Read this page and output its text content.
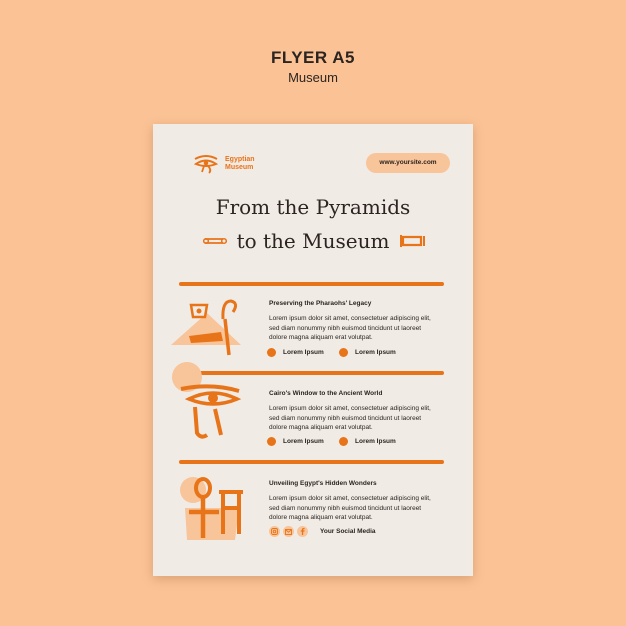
FLYER A5
Museum
Egyptian
Museum
www.yoursite.com
From the Pyramids
to the Museum
Preserving the Pharaohs' Legacy
Lorem ipsum dolor sit amet, consectetuer adipiscing elit, sed diam nonummy nibh euismod tincidunt ut laoreet dolore magna aliquam erat volutpat.
Lorem Ipsum	Lorem Ipsum
Cairo's Window to the Ancient World
Lorem ipsum dolor sit amet, consectetuer adipiscing elit, sed diam nonummy nibh euismod tincidunt ut laoreet dolore magna aliquam erat volutpat.
Lorem Ipsum	Lorem Ipsum
Unveiling Egypt's Hidden Wonders
Lorem ipsum dolor sit amet, consectetuer adipiscing elit, sed diam nonummy nibh euismod tincidunt ut laoreet dolore magna aliquam erat volutpat.
Your Social Media
